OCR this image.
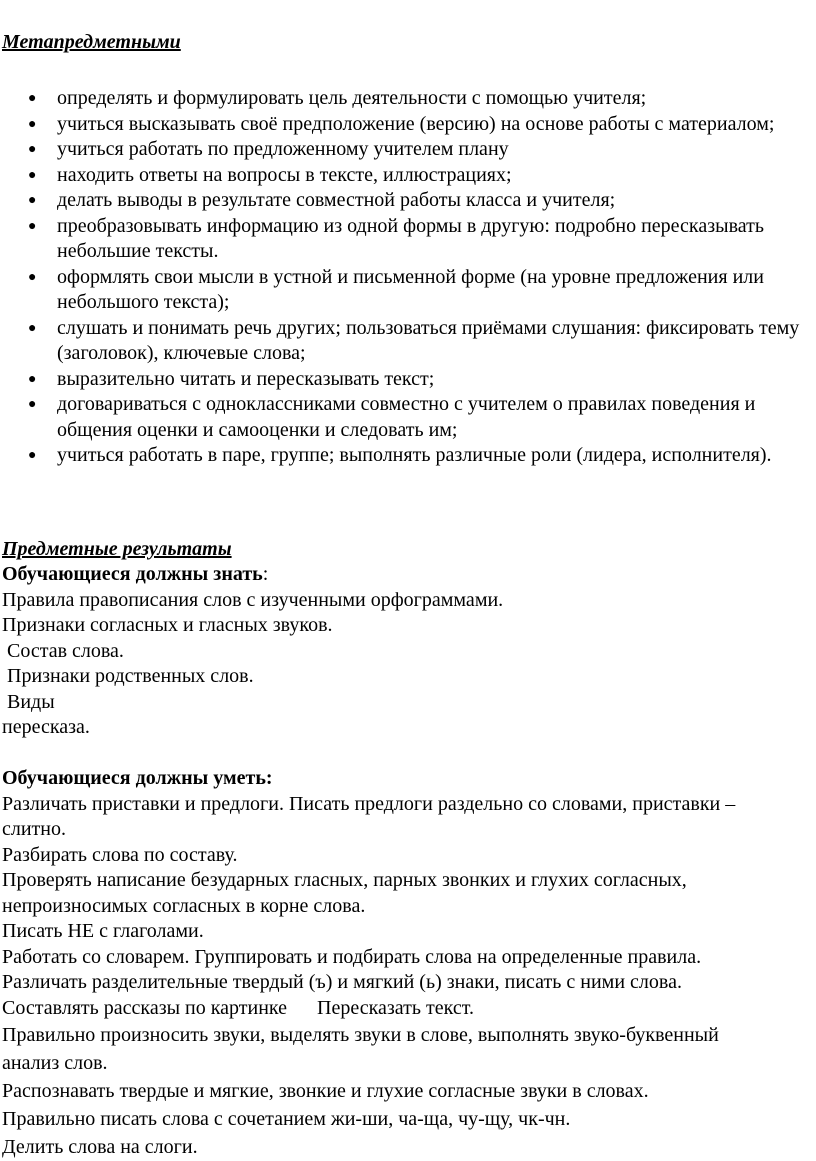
Метапредметными
● определять и формулировать цель деятельности с помощью учителя;
● учиться высказывать своё предположение (версию) на основе работы с материалом;
● учиться работать по предложенному учителем плану
● находить ответы на вопросы в тексте, иллюстрациях;
● делать выводы в результате совместной работы класса и учителя;
● преобразовывать информацию из одной формы в другую: подробно пересказывать небольшие тексты.
● оформлять свои мысли в устной и письменной форме (на уровне предложения или небольшого текста);
● слушать и понимать речь других; пользоваться приёмами слушания: фиксировать тему (заголовок), ключевые слова;
● выразительно читать и пересказывать текст;
● договариваться с одноклассниками совместно с учителем о правилах поведения и общения оценки и самооценки и следовать им;
● учиться работать в паре, группе; выполнять различные роли (лидера, исполнителя).
Предметные результаты
Обучающиеся должны знать:
Правила правописания слов с изученными орфограммами.
Признаки согласных и гласных звуков.
Состав слова.
Признаки родственных слов.
Виды
пересказа.
Обучающиеся должны уметь:
Различать приставки и предлоги. Писать предлоги раздельно со словами, приставки –
слитно.
Разбирать слова по составу.
Проверять написание безударных гласных, парных звонких и глухих согласных,
непроизносимых согласных в корне слова.
Писать НЕ с глаголами.
Работать со словарем. Группировать и подбирать слова на определенные правила.
Различать разделительные твердый (ъ) и мягкий (ь) знаки, писать с ними слова.
Составлять рассказы по картинке      Пересказать текст.
Правильно произносить звуки, выделять звуки в слове, выполнять звуко-буквенный
анализ слов.
Распознавать твердые и мягкие, звонкие и глухие согласные звуки в словах.
Правильно писать слова с сочетанием жи-ши, ча-ща, чу-щу, чк-чн.
Делить слова на слоги.
